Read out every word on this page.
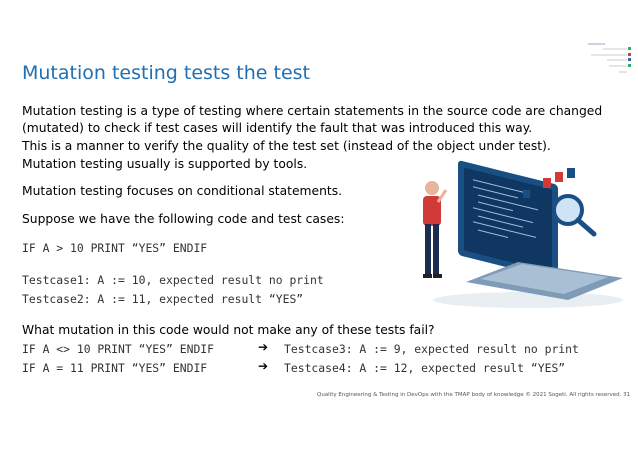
Mutation testing tests the test
Mutation testing is a type of testing where certain statements in the source code are changed
(mutated) to check if test cases will identify the fault that was introduced this way.
This is a manner to verify the quality of the test set (instead of the object under test).
Mutation testing usually is supported by tools.
Mutation testing focuses on conditional statements.
Suppose we have the following code and test cases:
IF A > 10 PRINT “YES” ENDIF
Testcase1: A := 10, expected result no print
Testcase2: A := 11, expected result “YES”
What mutation in this code would not make any of these tests fail?
IF A <> 10 PRINT “YES” ENDIF	➔ Testcase3: A := 9, expected result no print
IF A = 11 PRINT “YES” ENDIF	➔ Testcase4: A := 12, expected result “YES”
Quality Engineering & Testing in DevOps with the TMAP body of knowledge © 2021 Sogeti. All rights reserved. 31
